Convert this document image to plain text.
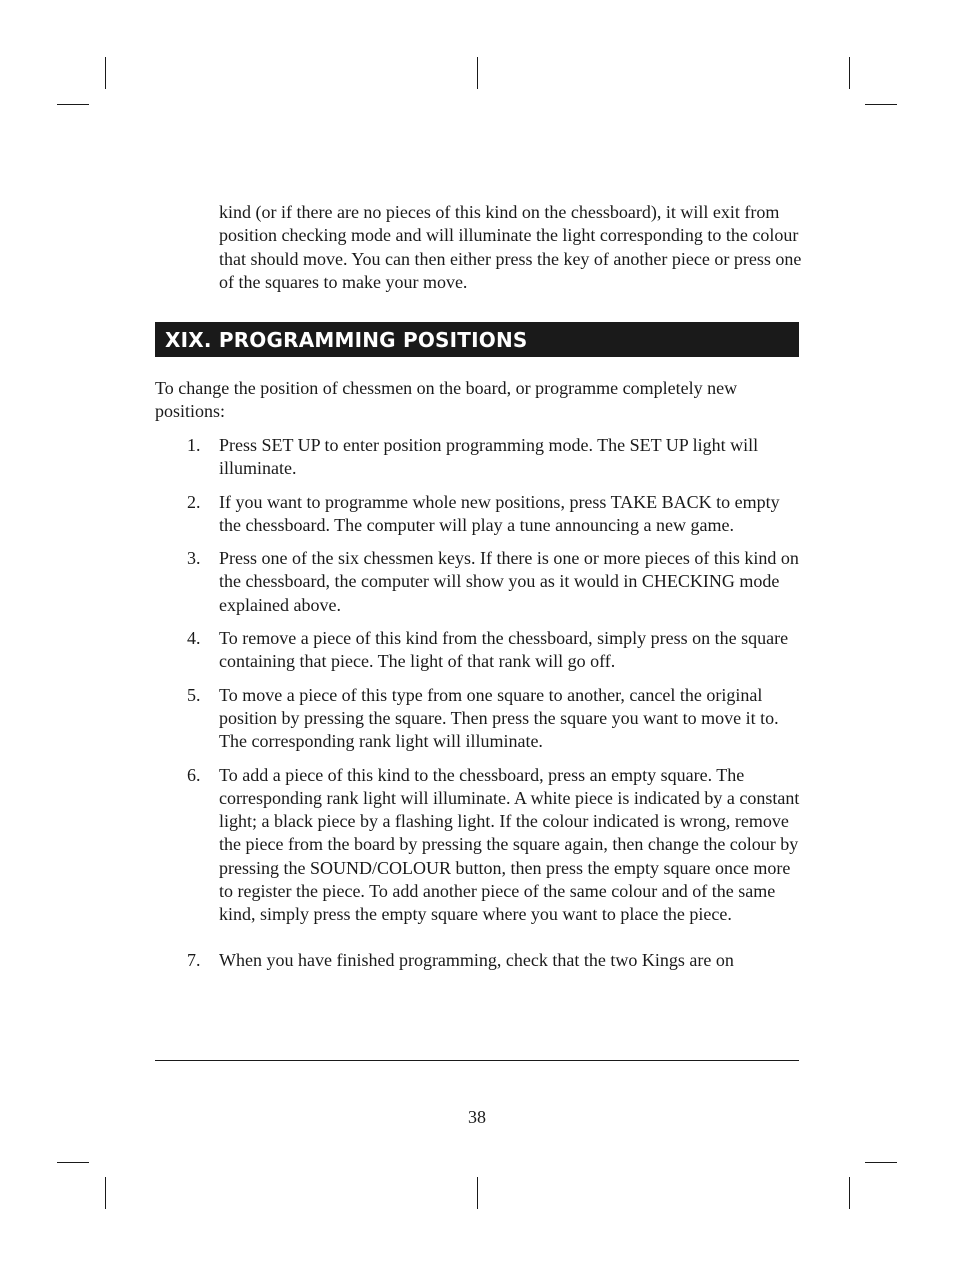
kind (or if there are no pieces of this kind on the chessboard), it will exit from position checking mode and will illuminate the light corresponding to the colour that should move. You can then either press the key of another piece or press one of the squares to make your move.

XIX. PROGRAMMING POSITIONS

To change the position of chessmen on the board, or programme completely new positions:

1. Press SET UP to enter position programming mode. The SET UP light will illuminate.
2. If you want to programme whole new positions, press TAKE BACK to empty the chessboard. The computer will play a tune announcing a new game.
3. Press one of the six chessmen keys. If there is one or more pieces of this kind on the chessboard, the computer will show you as it would in CHECKING mode explained above.
4. To remove a piece of this kind from the chessboard, simply press on the square containing that piece. The light of that rank will go off.
5. To move a piece of this type from one square to another, cancel the original position by pressing the square. Then press the square you want to move it to. The corresponding rank light will illuminate.
6. To add a piece of this kind to the chessboard, press an empty square. The corresponding rank light will illuminate. A white piece is indicated by a constant light; a black piece by a flashing light. If the colour indicated is wrong, remove the piece from the board by pressing the square again, then change the colour by pressing the SOUND/COLOUR button, then press the empty square once more to register the piece. To add another piece of the same colour and of the same kind, simply press the empty square where you want to place the piece.
7. When you have finished programming, check that the two Kings are on
38
